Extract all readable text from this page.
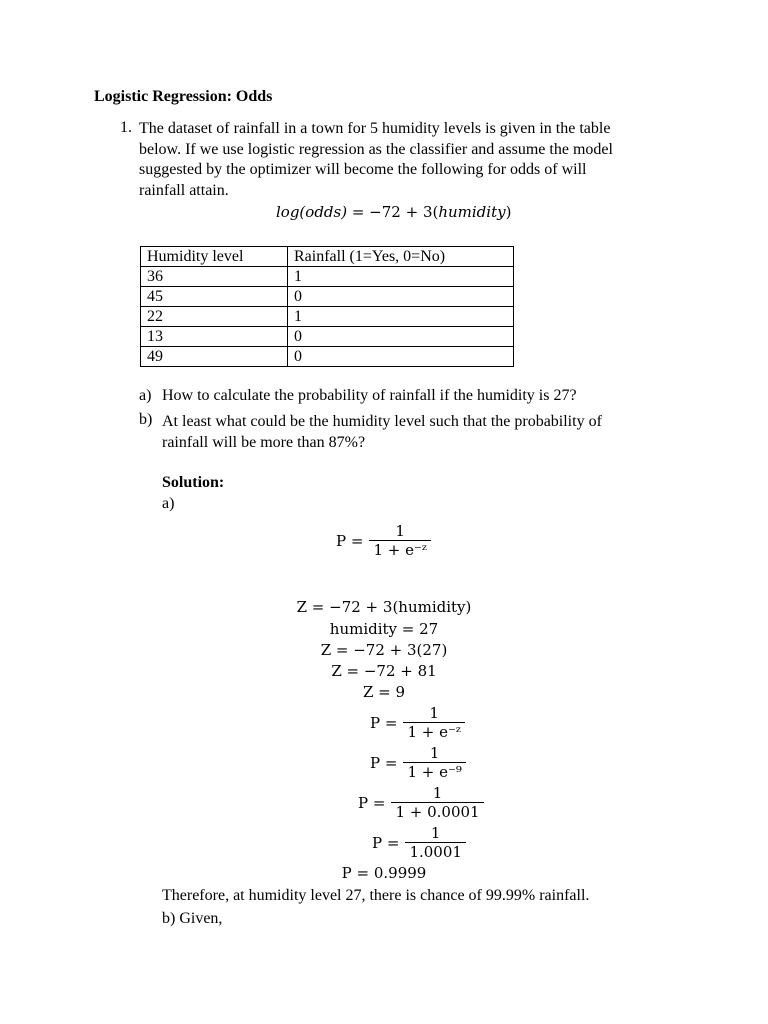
Logistic Regression: Odds
1. The dataset of rainfall in a town for 5 humidity levels is given in the table
below. If we use logistic regression as the classifier and assume the model
suggested by the optimizer will become the following for odds of will
rainfall attain.
log(odds) = −72 + 3(humidity)
Humidity level	Rainfall (1=Yes, 0=No)
36	1
45	0
22	1
13	0
49	0
a) How to calculate the probability of rainfall if the humidity is 27?
b) At least what could be the humidity level such that the probability of
rainfall will be more than 87%?
Solution:
a)
$P = \frac{1}{\text{1 + e⁻ᶻ}}$
Z = −72 + 3(humidity)
humidity = 27
Z = −72 + 3(27)
Z = −72 + 81
Z = 9
$P = \frac{1}{\text{1 + e⁻ᶻ}}$
$P = \frac{1}{\text{1 + e⁻⁹}}$
$P = \frac{1}{1 + 0.0001}$
$P = \frac{1}{1.0001}$
P = 0.9999
Therefore, at humidity level 27, there is chance of 99.99% rainfall.
b) Given,
